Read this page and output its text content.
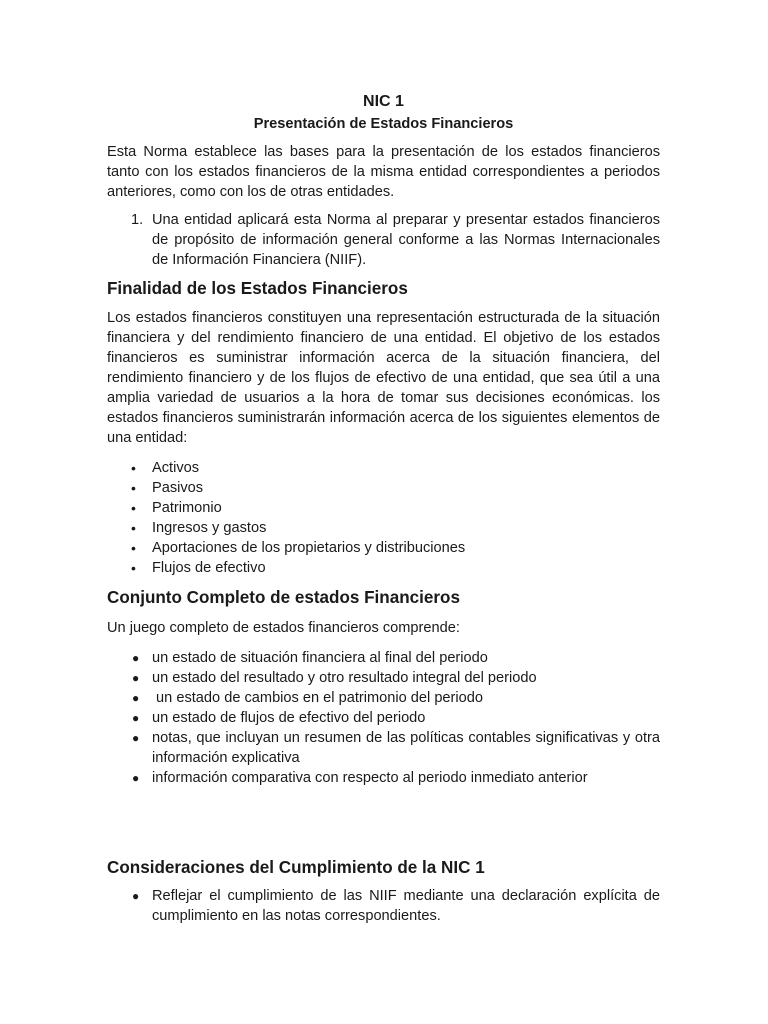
NIC 1
Presentación de Estados Financieros

Esta Norma establece las bases para la presentación de los estados financieros tanto con los estados financieros de la misma entidad correspondientes a periodos anteriores, como con los de otras entidades.

1. Una entidad aplicará esta Norma al preparar y presentar estados financieros de propósito de información general conforme a las Normas Internacionales de Información Financiera (NIIF).
Finalidad de los Estados Financieros

Los estados financieros constituyen una representación estructurada de la situación financiera y del rendimiento financiero de una entidad. El objetivo de los estados financieros es suministrar información acerca de la situación financiera, del rendimiento financiero y de los flujos de efectivo de una entidad, que sea útil a una amplia variedad de usuarios a la hora de tomar sus decisiones económicas. los estados financieros suministrarán información acerca de los siguientes elementos de una entidad:

• Activos
• Pasivos
• Patrimonio
• Ingresos y gastos
• Aportaciones de los propietarios y distribuciones
• Flujos de efectivo
Conjunto Completo de estados Financieros

Un juego completo de estados financieros comprende:

● un estado de situación financiera al final del periodo
● un estado del resultado y otro resultado integral del periodo
● un estado de cambios en el patrimonio del periodo
● un estado de flujos de efectivo del periodo
● notas, que incluyan un resumen de las políticas contables significativas y otra información explicativa
● información comparativa con respecto al periodo inmediato anterior
Consideraciones del Cumplimiento de la NIC 1
● Reflejar el cumplimiento de las NIIF mediante una declaración explícita de cumplimiento en las notas correspondientes.
